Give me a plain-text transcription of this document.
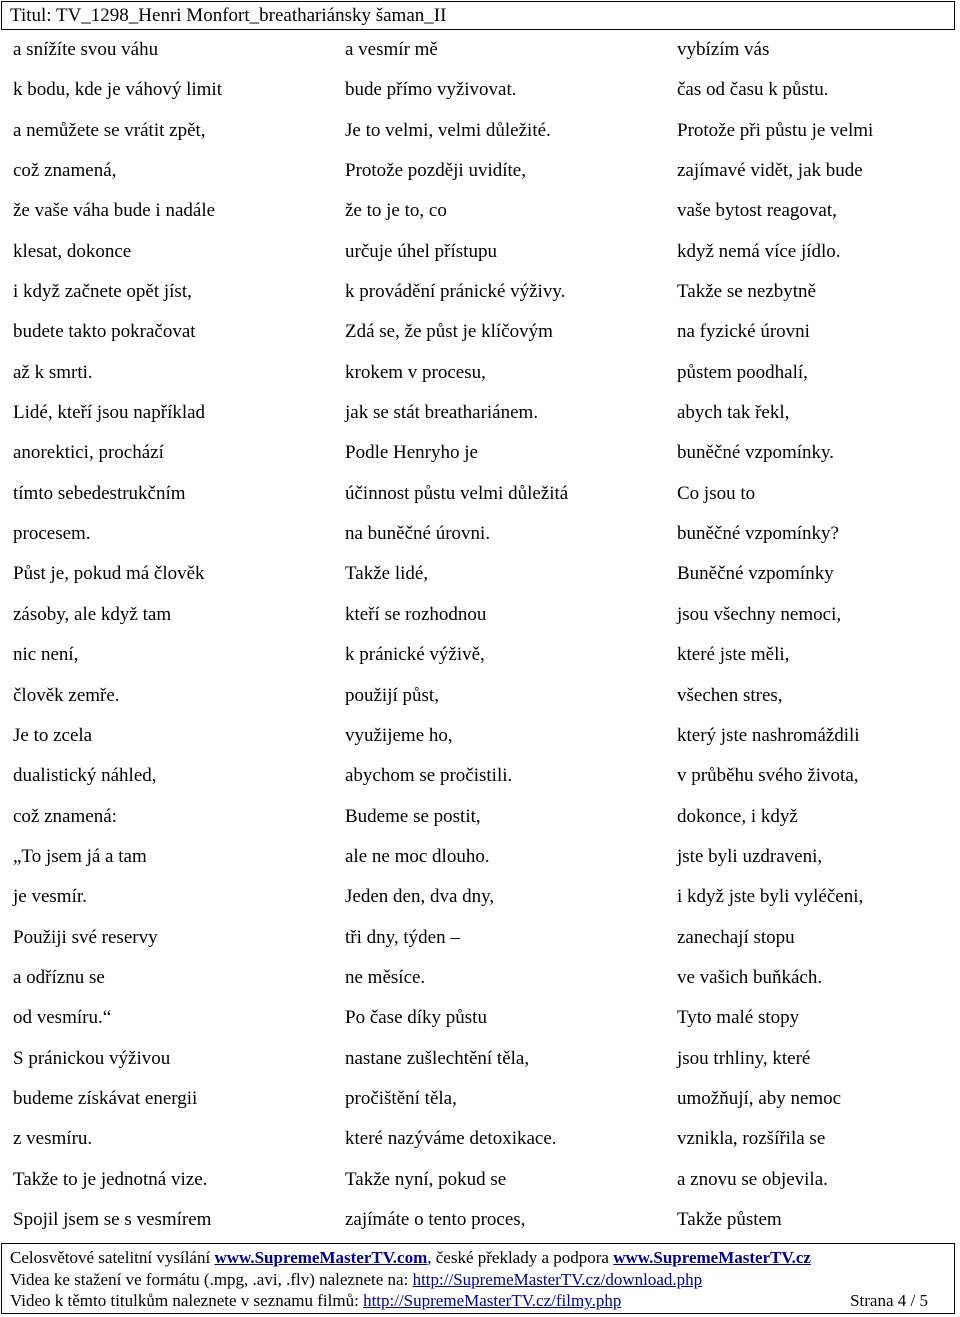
Titul: TV_1298_Henri Monfort_breathariánsky šaman_II
a snížíte svou váhu
k bodu, kde je váhový limit
a nemůžete se vrátit zpět,
což znamená,
že vaše váha bude i nadále
klesat, dokonce
i když začnete opět jíst,
budete takto pokračovat
až k smrti.
Lidé, kteří jsou například
anorektici, prochází
tímto sebedestrukčním
procesem.
Půst je, pokud má člověk
zásoby, ale když tam
nic není,
člověk zemře.
Je to zcela
dualistický náhled,
což znamená:
„To jsem já a tam
je vesmír.
Použiji své reservy
a odříznu se
od vesmíru.“
S pránickou výživou
budeme získávat energii
z vesmíru.
Takže to je jednotná vize.
Spojil jsem se s vesmírem
a vesmír mě
bude přímo vyživovat.
Je to velmi, velmi důležité.
Protože později uvidíte,
že to je to, co
určuje úhel přístupu
k provádění pránické výživy.
Zdá se, že půst je klíčovým
krokem v procesu,
jak se stát breathariánem.
Podle Henryho je
účinnost půstu velmi důležitá
na buněčné úrovni.
Takže lidé,
kteří se rozhodnou
k pránické výživě,
použijí půst,
využijeme ho,
abychom se pročistili.
Budeme se postit,
ale ne moc dlouho.
Jeden den, dva dny,
tři dny, týden –
ne měsíce.
Po čase díky půstu
nastane zušlechtění těla,
pročištění těla,
které nazýváme detoxikace.
Takže nyní, pokud se
zajímáte o tento proces,
vybízím vás
čas od času k půstu.
Protože při půstu je velmi
zajímavé vidět, jak bude
vaše bytost reagovat,
když nemá více jídlo.
Takže se nezbytně
na fyzické úrovni
půstem poodhalí,
abych tak řekl,
buněčné vzpomínky.
Co jsou to
buněčné vzpomínky?
Buněčné vzpomínky
jsou všechny nemoci,
které jste měli,
všechen stres,
který jste nashromáždili
v průběhu svého života,
dokonce, i když
jste byli uzdraveni,
i když jste byli vyléčeni,
zanechají stopu
ve vašich buňkách.
Tyto malé stopy
jsou trhliny, které
umožňují, aby nemoc
vznikla, rozšířila se
a znovu se objevila.
Takže půstem
Celosvětové satelitní vysílání www.SupremeMasterTV.com, české překlady a podpora www.SupremeMasterTV.cz
Videa ke stažení ve formátu (.mpg, .avi, .flv) naleznete na: http://SupremeMasterTV.cz/download.php
Video k těmto titulkům naleznete v seznamu filmů: http://SupremeMasterTV.cz/filmy.php	Strana 4 / 5
